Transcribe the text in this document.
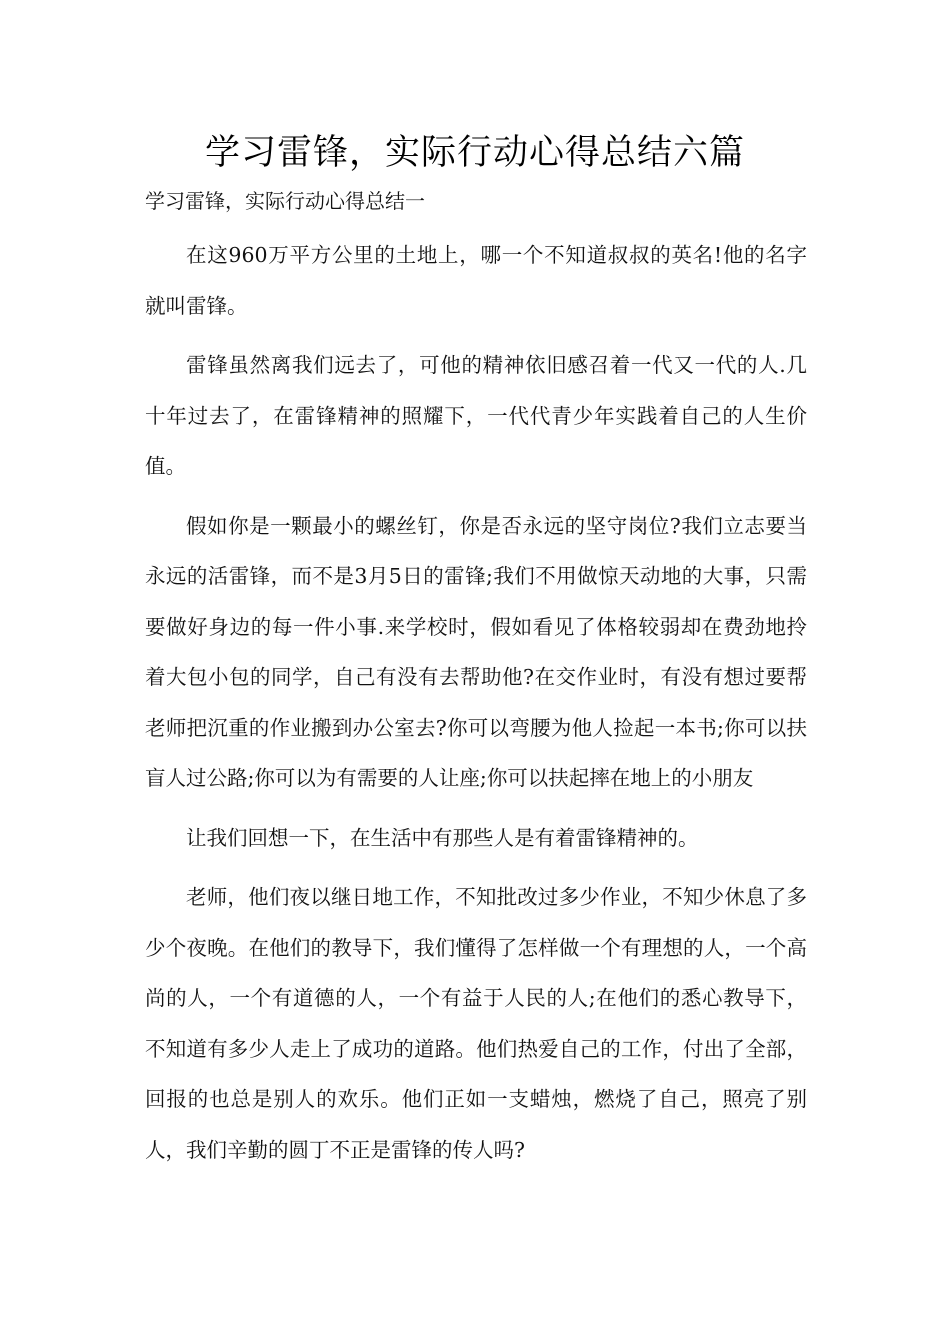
学习雷锋，实际行动心得总结六篇

学习雷锋，实际行动心得总结一

在这960万平方公里的土地上，哪一个不知道叔叔的英名!他的名字就叫雷锋。

雷锋虽然离我们远去了，可他的精神依旧感召着一代又一代的人.几十年过去了，在雷锋精神的照耀下，一代代青少年实践着自己的人生价值。

假如你是一颗最小的螺丝钉，你是否永远的坚守岗位?我们立志要当永远的活雷锋，而不是3月5日的雷锋;我们不用做惊天动地的大事，只需要做好身边的每一件小事.来学校时，假如看见了体格较弱却在费劲地拎着大包小包的同学，自己有没有去帮助他?在交作业时，有没有想过要帮老师把沉重的作业搬到办公室去?你可以弯腰为他人捡起一本书;你可以扶盲人过公路;你可以为有需要的人让座;你可以扶起摔在地上的小朋友

让我们回想一下，在生活中有那些人是有着雷锋精神的。

老师，他们夜以继日地工作，不知批改过多少作业，不知少休息了多少个夜晚。在他们的教导下，我们懂得了怎样做一个有理想的人，一个高尚的人，一个有道德的人，一个有益于人民的人;在他们的悉心教导下，不知道有多少人走上了成功的道路。他们热爱自己的工作，付出了全部，回报的也总是别人的欢乐。他们正如一支蜡烛，燃烧了自己，照亮了别人，我们辛勤的圆丁不正是雷锋的传人吗?
